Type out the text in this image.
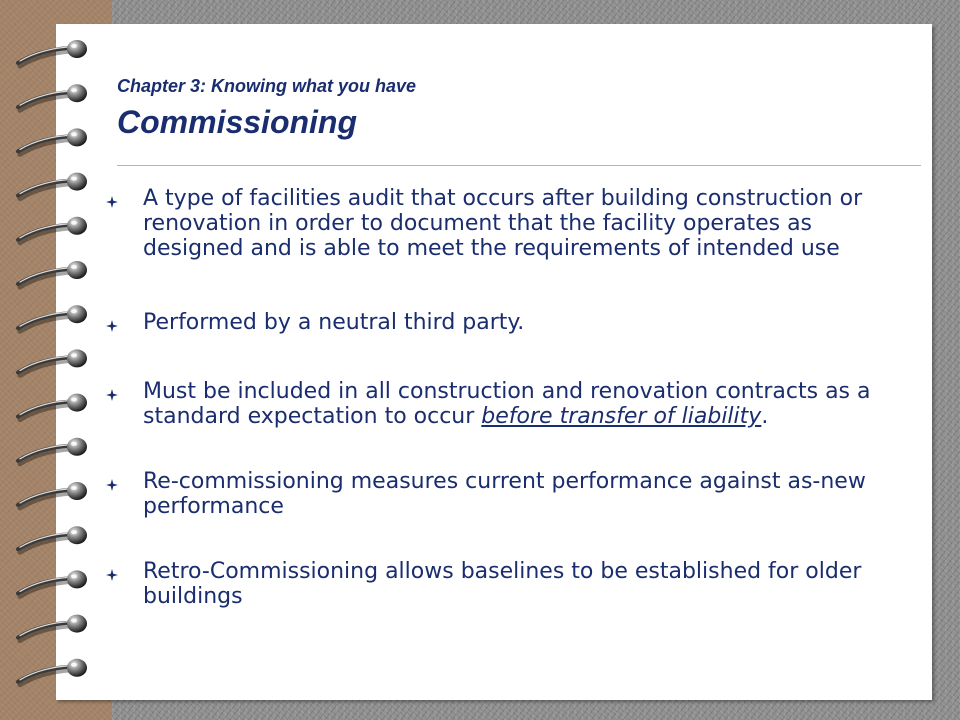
Chapter 3: Knowing what you have
Commissioning
A type of facilities audit that occurs after building construction or renovation in order to document that the facility operates as designed and is able to meet the requirements of intended use
Performed by a neutral third party.
Must be included in all construction and renovation contracts as a standard expectation to occur before transfer of liability.
Re-commissioning measures current performance against as-new performance
Retro-Commissioning allows baselines to be established for older buildings
